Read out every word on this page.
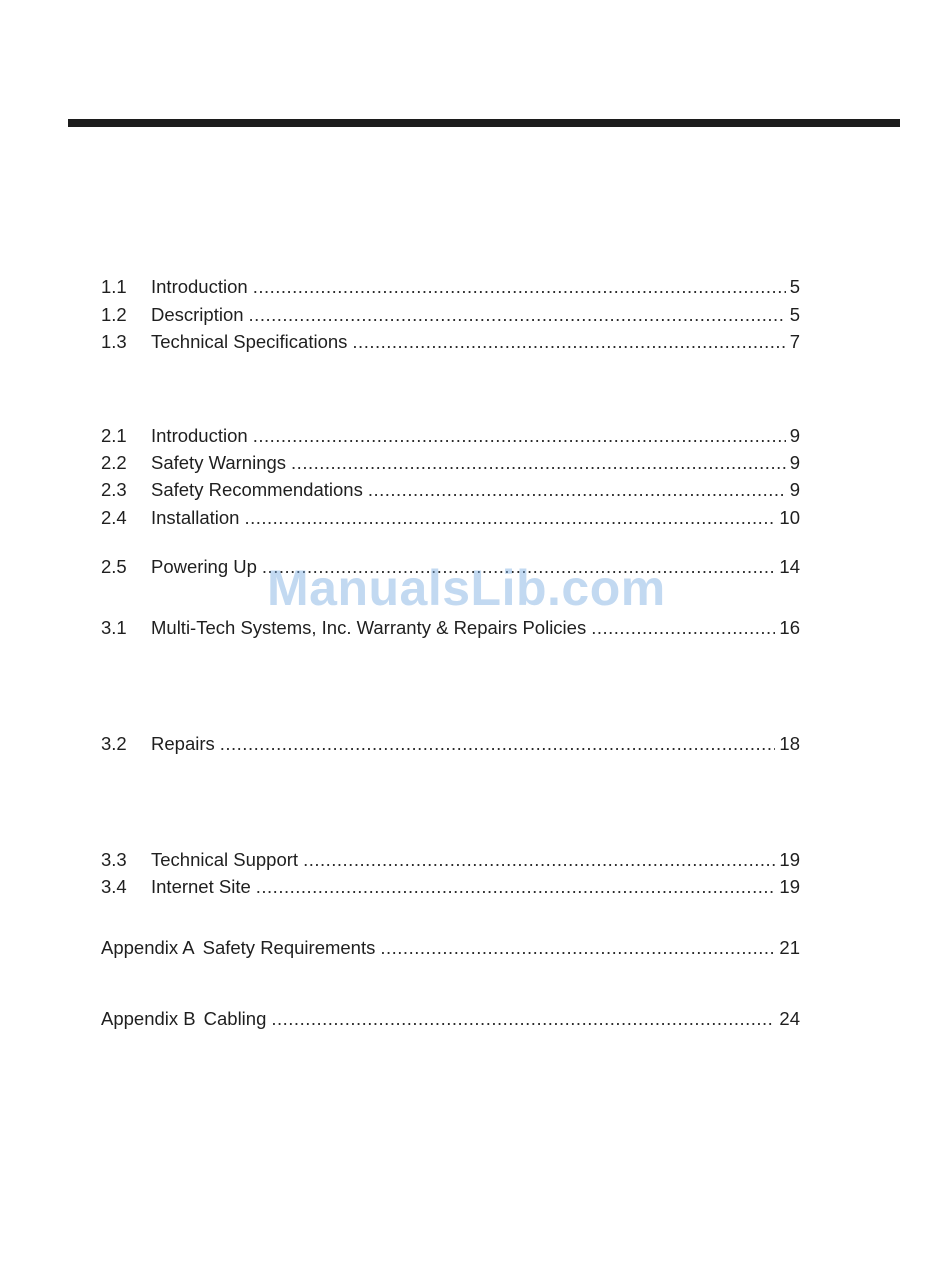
1.1	Introduction .....	5
1.2	Description .....	5
1.3	Technical Specifications .....	7
2.1	Introduction .....	9
2.2	Safety Warnings .....	9
2.3	Safety Recommendations .....	9
2.4	Installation .....	10
2.5	Powering Up .....	14
3.1	Multi-Tech Systems, Inc. Warranty & Repairs Policies .....	16
3.2	Repairs .....	18
3.3	Technical Support .....	19
3.4	Internet Site .....	19
Appendix A Safety Requirements .....	21
Appendix B Cabling .....	24
ManualsLib.com
